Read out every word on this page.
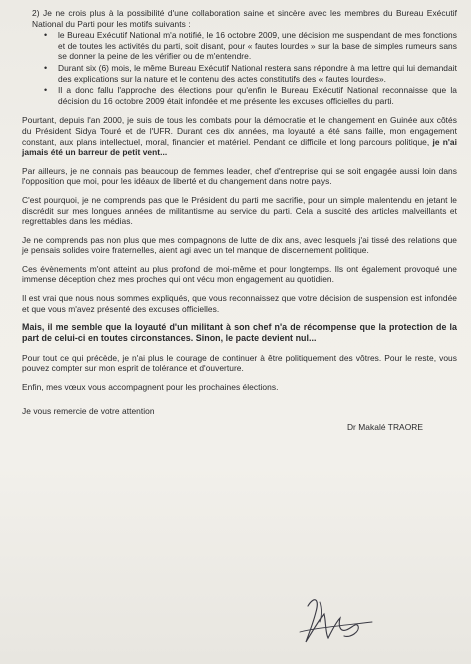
2) Je ne crois plus à la possibilité d'une collaboration saine et sincère avec les membres du Bureau Exécutif National du Parti pour les motifs suivants :

• le Bureau Exécutif National m'a notifié, le 16 octobre 2009, une décision me suspendant de mes fonctions et de toutes les activités du parti, soit disant, pour « fautes lourdes » sur la base de simples rumeurs sans se donner la peine de les vérifier ou de m'entendre.
• Durant six (6) mois, le même Bureau Exécutif National restera sans répondre à ma lettre qui lui demandait des explications sur la nature et le contenu des actes constitutifs des « fautes lourdes».
• Il a donc fallu l'approche des élections pour qu'enfin le Bureau Exécutif National reconnaisse que la décision du 16 octobre 2009 était infondée et me présente les excuses officielles du parti.

Pourtant, depuis l'an 2000, je suis de tous les combats pour la démocratie et le changement en Guinée aux côtés du Président Sidya Touré et de l'UFR. Durant ces dix années, ma loyauté a été sans faille, mon engagement constant, aux plans intellectuel, moral, financier et matériel. Pendant ce difficile et long parcours politique, je n'ai jamais été un barreur de petit vent...

Par ailleurs, je ne connais pas beaucoup de femmes leader, chef d'entreprise qui se soit engagée aussi loin dans l'opposition que moi, pour les idéaux de liberté et du changement dans notre pays.

C'est pourquoi, je ne comprends pas que le Président du parti me sacrifie, pour un simple malentendu en jetant le discrédit sur mes longues années de militantisme au service du parti. Cela a suscité des articles malveillants et regrettables dans les médias.

Je ne comprends pas non plus que mes compagnons de lutte de dix ans, avec lesquels j'ai tissé des relations que je pensais solides voire fraternelles, aient agi avec un tel manque de discernement politique.

Ces évènements m'ont atteint au plus profond de moi-même et pour longtemps. Ils ont également provoqué une immense déception chez mes proches qui ont vécu mon engagement au quotidien.

Il est vrai que nous nous sommes expliqués, que vous reconnaissez que votre décision de suspension est infondée et que vous m'avez présenté des excuses officielles.

Mais, il me semble que la loyauté d'un militant à son chef n'a de récompense que la protection de la part de celui-ci en toutes circonstances. Sinon, le pacte devient nul...

Pour tout ce qui précède, je n'ai plus le courage de continuer à être politiquement des vôtres. Pour le reste, vous pouvez compter sur mon esprit de tolérance et d'ouverture.

Enfin, mes vœux vous accompagnent pour les prochaines élections.

Je vous remercie de votre attention
Dr Makalé TRAORE
